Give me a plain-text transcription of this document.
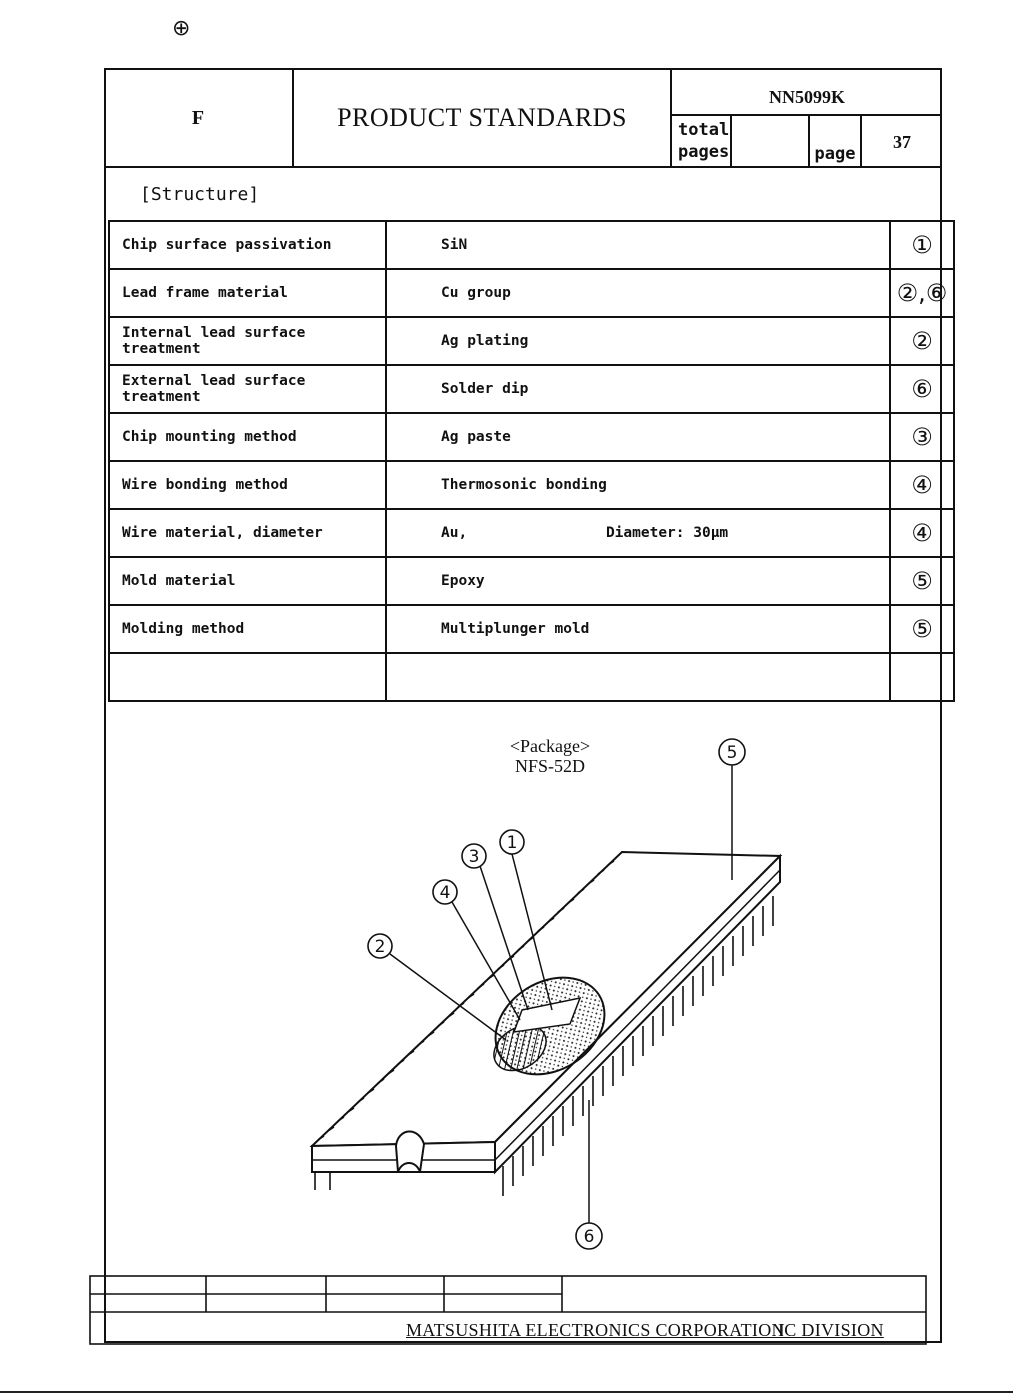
⊕
F	PRODUCT STANDARDS
NN5099K
total pages	page
37
[Structure]
Chip surface passivation	SiN	①
Lead frame material	Cu group	②,⑥
Internal lead surface treatment	Ag plating	②
External lead surface treatment	Solder dip	⑥
Chip mounting method	Ag paste	③
Wire bonding method	Thermosonic bonding	④
Wire material, diameter	Au, Diameter: 30μm	④
Mold material	Epoxy	⑤
Molding method	Multiplunger mold	⑤

<Package>
NFS-52D
5
1
3
4
2
6
MATSUSHITA ELECTRONICS CORPORATION
IC DIVISION
